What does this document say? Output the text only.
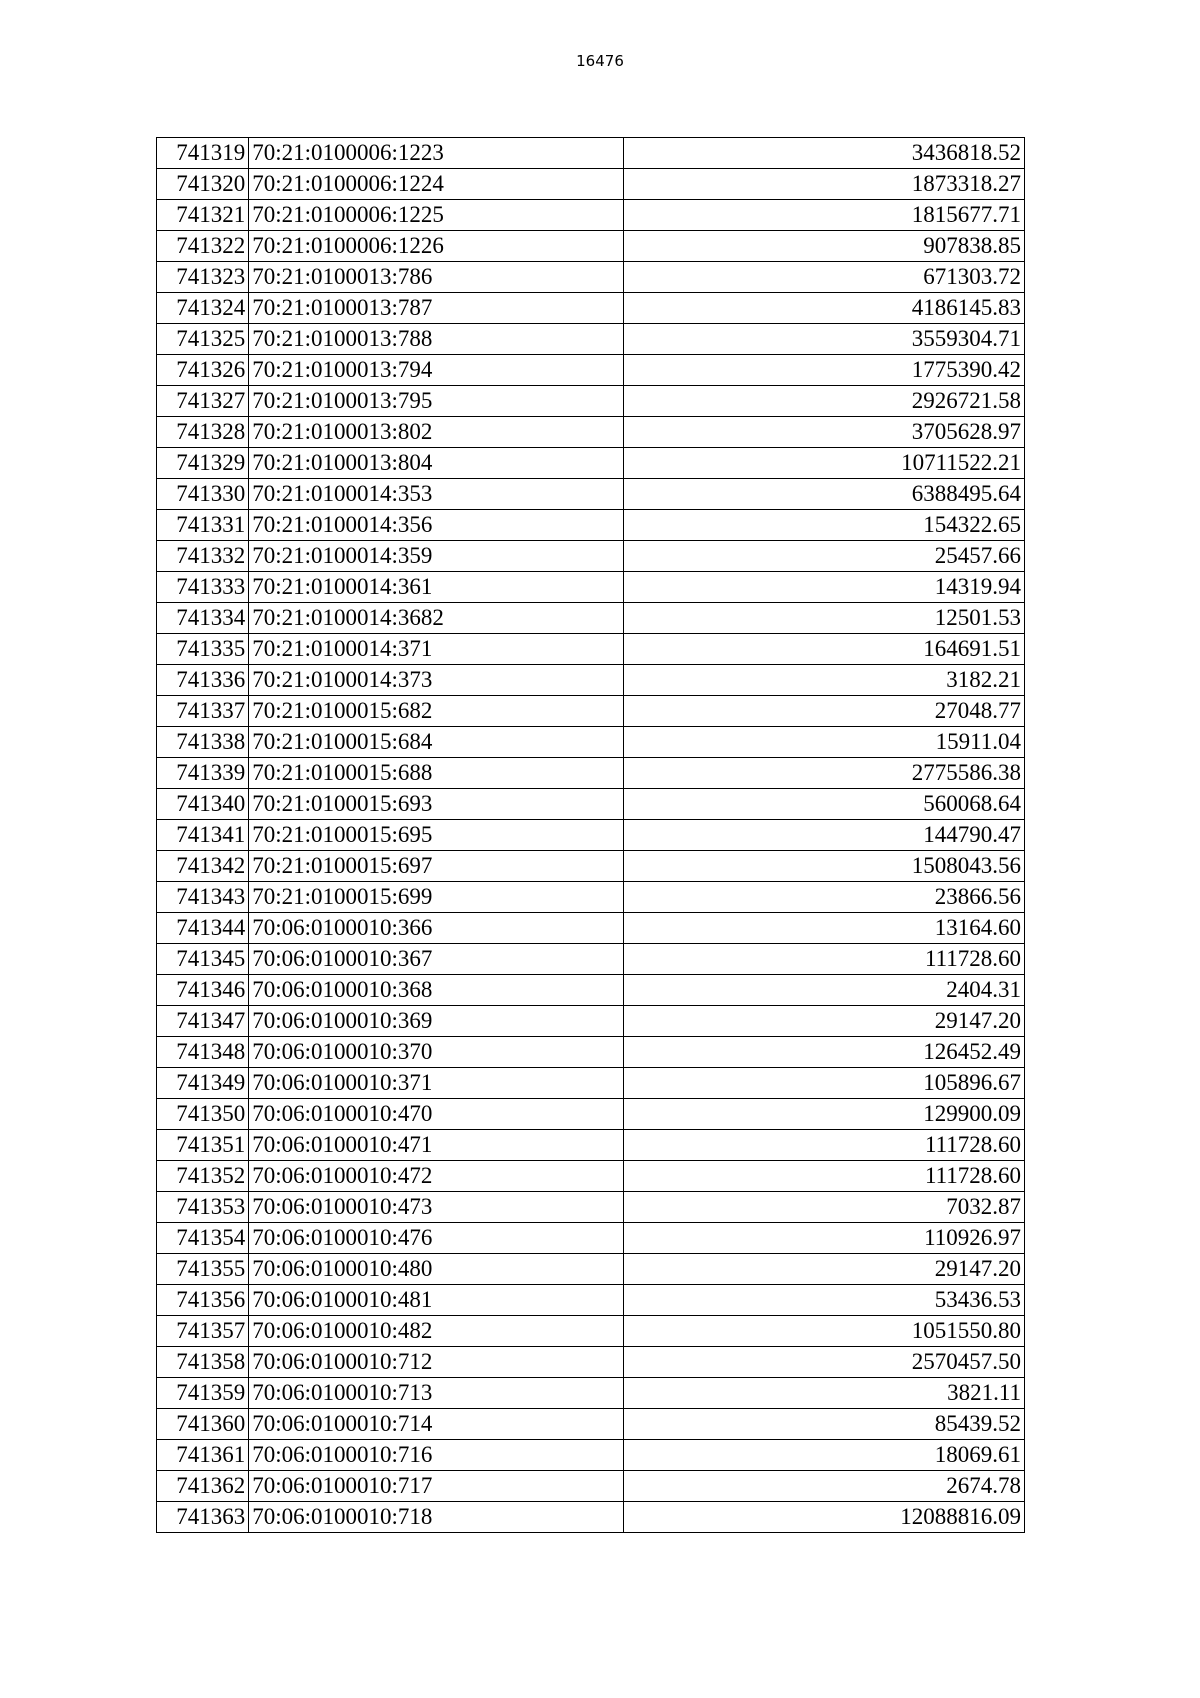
16476
741319	70:21:0100006:1223	3436818.52
741320	70:21:0100006:1224	1873318.27
741321	70:21:0100006:1225	1815677.71
741322	70:21:0100006:1226	907838.85
741323	70:21:0100013:786	671303.72
741324	70:21:0100013:787	4186145.83
741325	70:21:0100013:788	3559304.71
741326	70:21:0100013:794	1775390.42
741327	70:21:0100013:795	2926721.58
741328	70:21:0100013:802	3705628.97
741329	70:21:0100013:804	10711522.21
741330	70:21:0100014:353	6388495.64
741331	70:21:0100014:356	154322.65
741332	70:21:0100014:359	25457.66
741333	70:21:0100014:361	14319.94
741334	70:21:0100014:3682	12501.53
741335	70:21:0100014:371	164691.51
741336	70:21:0100014:373	3182.21
741337	70:21:0100015:682	27048.77
741338	70:21:0100015:684	15911.04
741339	70:21:0100015:688	2775586.38
741340	70:21:0100015:693	560068.64
741341	70:21:0100015:695	144790.47
741342	70:21:0100015:697	1508043.56
741343	70:21:0100015:699	23866.56
741344	70:06:0100010:366	13164.60
741345	70:06:0100010:367	111728.60
741346	70:06:0100010:368	2404.31
741347	70:06:0100010:369	29147.20
741348	70:06:0100010:370	126452.49
741349	70:06:0100010:371	105896.67
741350	70:06:0100010:470	129900.09
741351	70:06:0100010:471	111728.60
741352	70:06:0100010:472	111728.60
741353	70:06:0100010:473	7032.87
741354	70:06:0100010:476	110926.97
741355	70:06:0100010:480	29147.20
741356	70:06:0100010:481	53436.53
741357	70:06:0100010:482	1051550.80
741358	70:06:0100010:712	2570457.50
741359	70:06:0100010:713	3821.11
741360	70:06:0100010:714	85439.52
741361	70:06:0100010:716	18069.61
741362	70:06:0100010:717	2674.78
741363	70:06:0100010:718	12088816.09
